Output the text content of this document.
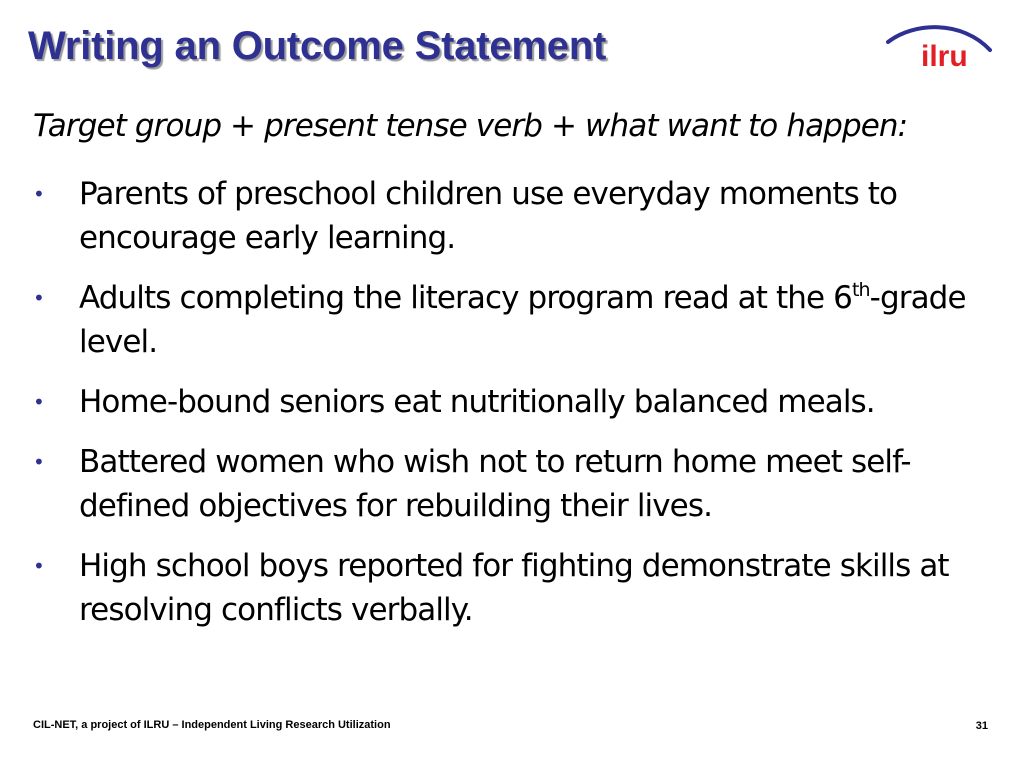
Writing an Outcome Statement	ilru

Target group + present tense verb + what want to happen:

• Parents of preschool children use everyday moments to encourage early learning.
• Adults completing the literacy program read at the 6th-grade level.
• Home-bound seniors eat nutritionally balanced meals.
• Battered women who wish not to return home meet self-defined objectives for rebuilding their lives.
• High school boys reported for fighting demonstrate skills at resolving conflicts verbally.
CIL-NET, a project of ILRU – Independent Living Research Utilization	31
